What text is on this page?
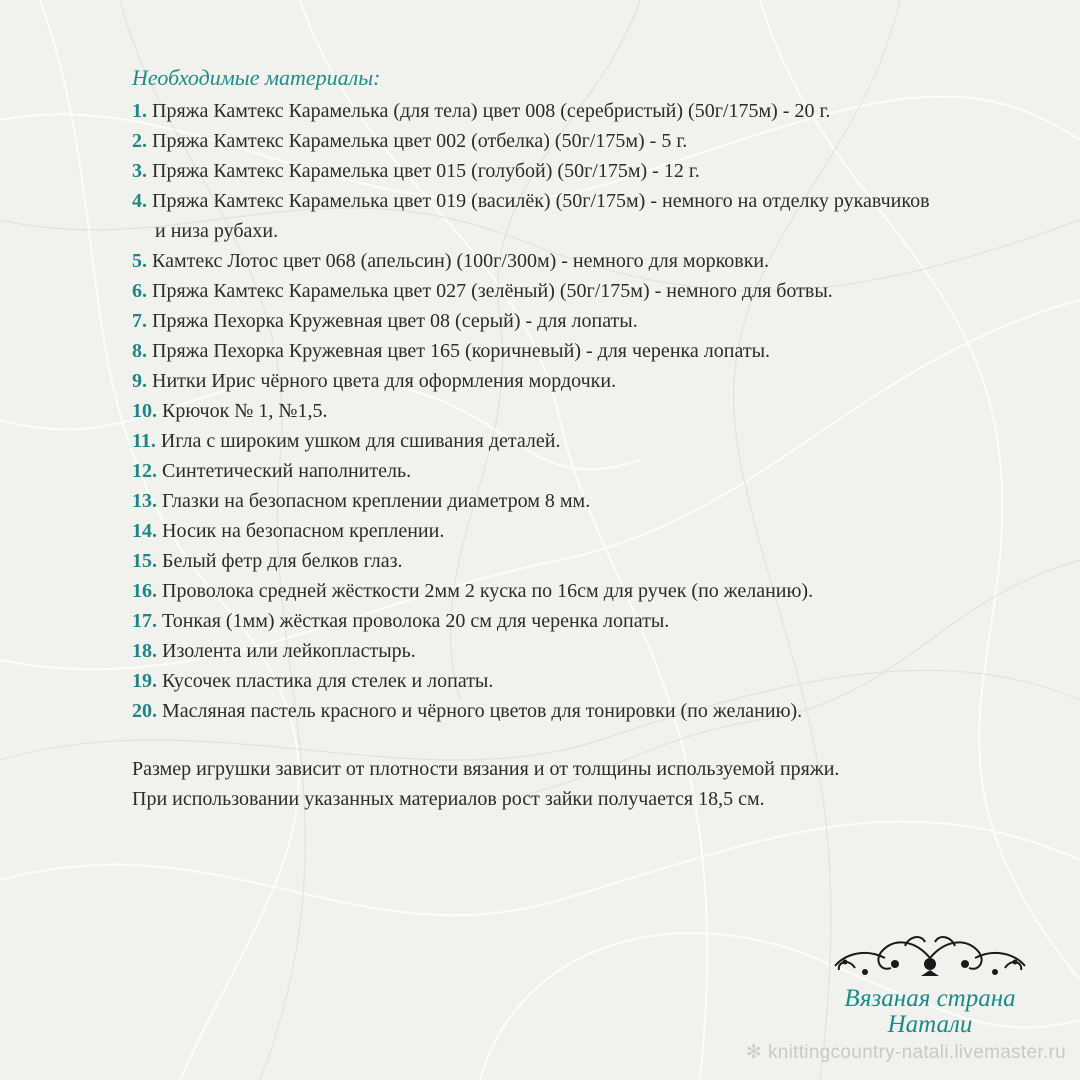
Необходимые материалы:
1. Пряжа Камтекс Карамелька (для тела) цвет 008 (серебристый) (50г/175м) - 20 г.
2. Пряжа Камтекс Карамелька цвет 002 (отбелка) (50г/175м) - 5 г.
3. Пряжа Камтекс Карамелька цвет 015 (голубой) (50г/175м) - 12 г.
4. Пряжа Камтекс Карамелька цвет 019 (василёк) (50г/175м) - немного на отделку рукавчиков и низа рубахи.
5. Камтекс Лотос цвет 068 (апельсин) (100г/300м) - немного для морковки.
6. Пряжа Камтекс Карамелька цвет 027 (зелёный) (50г/175м) - немного для ботвы.
7. Пряжа Пехорка Кружевная цвет 08 (серый) - для лопаты.
8. Пряжа Пехорка Кружевная цвет 165 (коричневый) - для черенка лопаты.
9. Нитки Ирис чёрного цвета для оформления мордочки.
10. Крючок № 1, №1,5.
11. Игла с широким ушком для сшивания деталей.
12. Синтетический наполнитель.
13. Глазки на безопасном креплении диаметром 8 мм.
14. Носик на безопасном креплении.
15. Белый фетр для белков глаз.
16. Проволока средней жёсткости 2мм 2 куска по 16см для ручек (по желанию).
17. Тонкая (1мм) жёсткая проволока 20 см для черенка лопаты.
18. Изолента или лейкопластырь.
19. Кусочек пластика для стелек и лопаты.
20. Масляная пастель красного и чёрного цветов для тонировки (по желанию).

Размер игрушки зависит от плотности вязания и от толщины используемой пряжи.

При использовании указанных материалов рост зайки получается 18,5 см.

Вязаная страна
Натали
✻ knittingcountry-natali.livemaster.ru
